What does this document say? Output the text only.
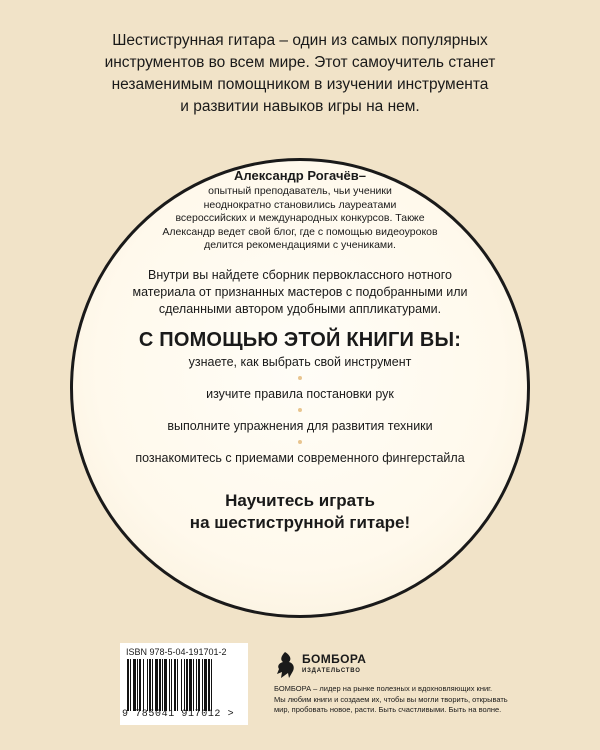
Шестиструнная гитара – один из самых популярных
инструментов во всем мире. Этот самоучитель станет
незаменимым помощником в изучении инструмента
и развитии навыков игры на нем.
Александр Рогачёв–
опытный преподаватель, чьи ученики
неоднократно становились лауреатами
всероссийских и международных конкурсов. Также
Александр ведет свой блог, где с помощью видеоуроков
делится рекомендациями с учениками.
Внутри вы найдете сборник первоклассного нотного
материала от признанных мастеров с подобранными или
сделанными автором удобными аппликатурами.
С ПОМОЩЬЮ ЭТОЙ КНИГИ ВЫ:
узнаете, как выбрать свой инструмент
изучите правила постановки рук
выполните упражнения для развития техники
познакомитесь с приемами современного фингерстайла
Научитесь играть
на шестиструнной гитаре!
ISBN 978-5-04-191701-2
9 785041 917012 >
БОМБОРА
ИЗДАТЕЛЬСТВО
БОМБОРА – лидер на рынке полезных и вдохновляющих книг.
Мы любим книги и создаем их, чтобы вы могли творить, открывать
мир, пробовать новое, расти. Быть счастливыми. Быть на волне.
